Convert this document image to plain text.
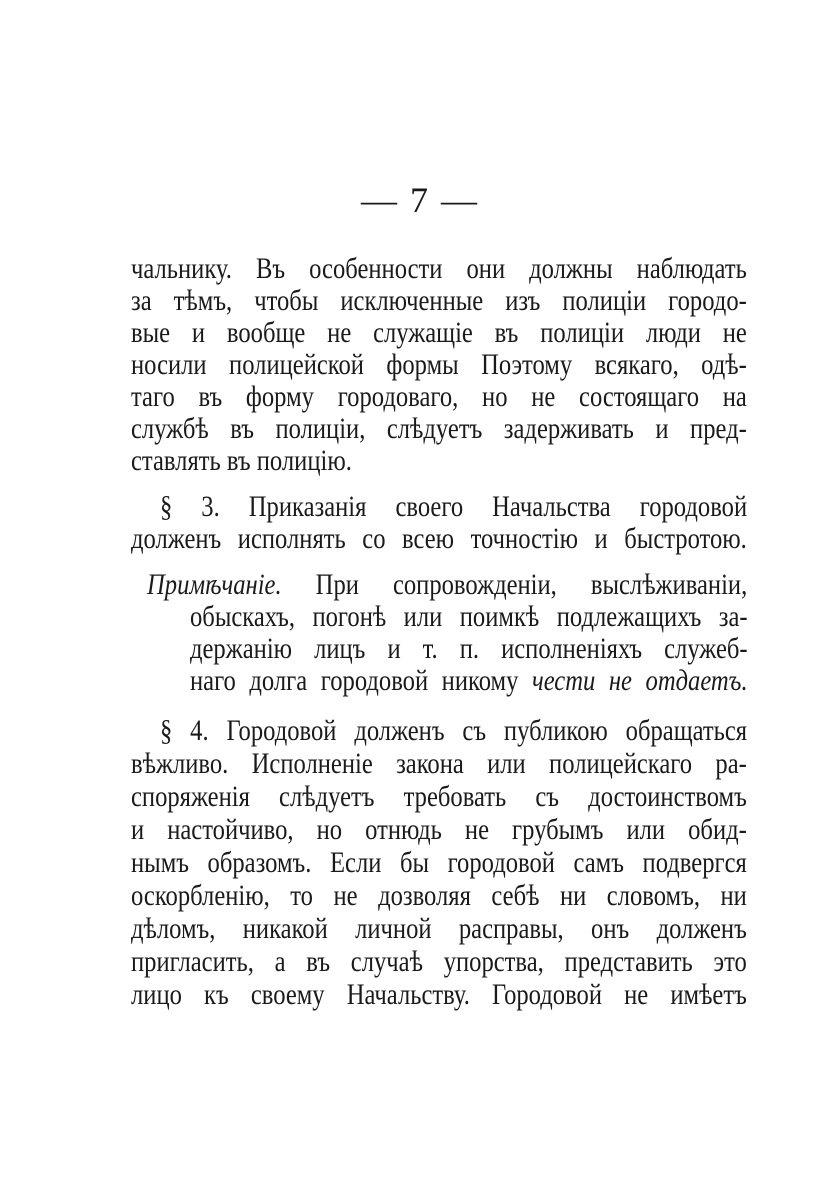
— 7 —
чальнику. Въ особенности они должны наблюдать
за тѣмъ, чтобы исключенные изъ полиціи городо-
вые и вообще не служащіе въ полиціи люди не
носили полицейской формы Поэтому всякаго, одѣ-
таго въ форму городоваго, но не состоящаго на
службѣ въ полиціи, слѣдуетъ задерживать и пред-
ставлять въ полицію.
§ 3. Приказанія своего Начальства городовой
долженъ исполнять со всею точностію и быстротою.
Примѣчаніе. При сопровожденіи, выслѣживаніи,
обыскахъ, погонѣ или поимкѣ подлежащихъ за-
держанію лицъ и т. п. исполненіяхъ служеб-
наго долга городовой никому чести не отдаетъ.
§ 4. Городовой долженъ съ публикою обращаться
вѣжливо. Исполненіе закона или полицейскаго ра-
споряженія слѣдуетъ требовать съ достоинствомъ
и настойчиво, но отнюдь не грубымъ или обид-
нымъ образомъ. Если бы городовой самъ подвергся
оскорбленію, то не дозволяя себѣ ни словомъ, ни
дѣломъ, никакой личной расправы, онъ долженъ
пригласить, а въ случаѣ упорства, представить это
лицо къ своему Начальству. Городовой не имѣетъ
